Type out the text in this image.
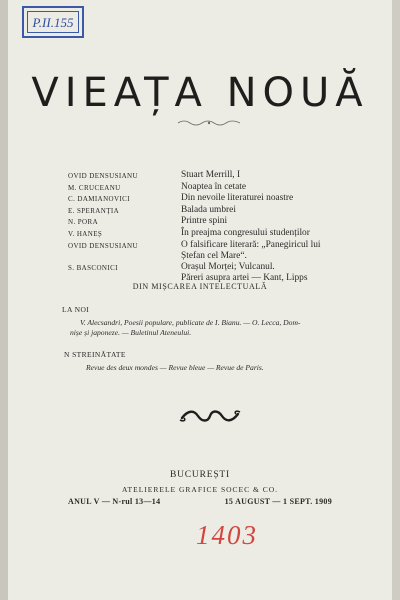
P.II.155
VIEAȚA NOUĂ
OVID DENSUSIANU	Stuart Merrill, I
M. CRUCEANU	Noaptea în cetate
C. DAMIANOVICI	Din nevoile literaturei noastre
E. SPERANȚIA	Balada umbrei
N. PORA	Printre spini
V. HANEȘ	În preajma congresului studenților
OVID DENSUSIANU	O falsificare literară: „Panegiricul lui
Ștefan cel Mare“.
S. BASCONICI	Orașul Morței; Vulcanul.
Păreri asupra artei — Kant, Lipps
DIN MIȘCAREA INTELECTUALĂ
LA NOI
V. Alecsandri, Poesii populare, publicate de I. Bianu. — O. Lecca, Dom-
nișe și japoneze. — Buletinul Ateneului.
N STREINĂTATE
Revue des deux mondes — Revue bleue — Revue de Paris.
BUCUREȘTI
ATELIERELE GRAFICE SOCEC & CO.
ANUL V — N-rul 13—14	15 AUGUST — 1 SEPT. 1909
1403
